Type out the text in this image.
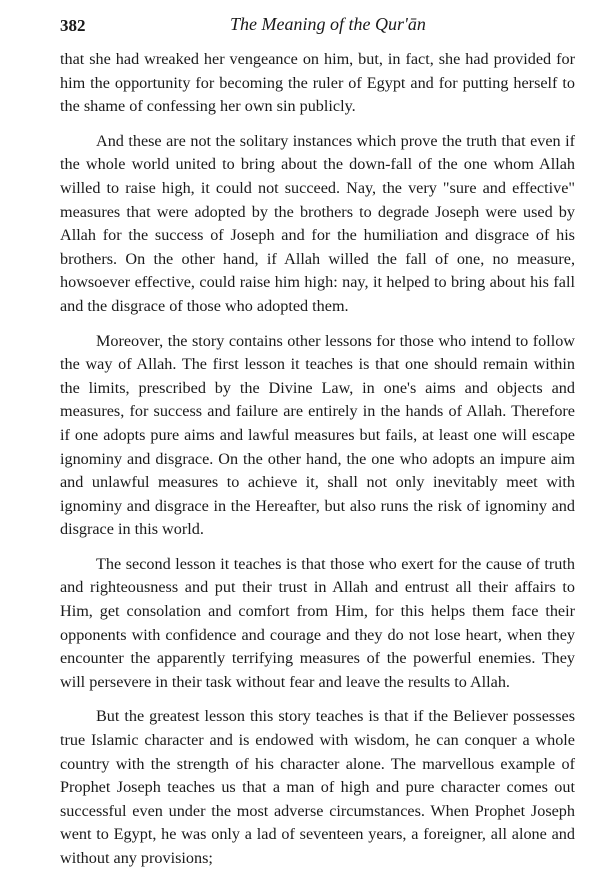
382	The Meaning of the Qur'ān

that she had wreaked her vengeance on him, but, in fact, she had provided for him the opportunity for becoming the ruler of Egypt and for putting herself to the shame of confessing her own sin publicly.

And these are not the solitary instances which prove the truth that even if the whole world united to bring about the down-fall of the one whom Allah willed to raise high, it could not succeed. Nay, the very "sure and effective" measures that were adopted by the brothers to degrade Joseph were used by Allah for the success of Joseph and for the humiliation and disgrace of his brothers. On the other hand, if Allah willed the fall of one, no measure, howsoever effective, could raise him high: nay, it helped to bring about his fall and the disgrace of those who adopted them.

Moreover, the story contains other lessons for those who intend to follow the way of Allah. The first lesson it teaches is that one should remain within the limits, prescribed by the Divine Law, in one's aims and objects and measures, for success and failure are entirely in the hands of Allah. Therefore if one adopts pure aims and lawful measures but fails, at least one will escape ignominy and disgrace. On the other hand, the one who adopts an impure aim and unlawful measures to achieve it, shall not only inevitably meet with ignominy and disgrace in the Hereafter, but also runs the risk of ignominy and disgrace in this world.

The second lesson it teaches is that those who exert for the cause of truth and righteousness and put their trust in Allah and entrust all their affairs to Him, get consolation and comfort from Him, for this helps them face their opponents with confidence and courage and they do not lose heart, when they encounter the apparently terrifying measures of the powerful enemies. They will persevere in their task without fear and leave the results to Allah.

But the greatest lesson this story teaches is that if the Believer possesses true Islamic character and is endowed with wisdom, he can conquer a whole country with the strength of his character alone. The marvellous example of Prophet Joseph teaches us that a man of high and pure character comes out successful even under the most adverse circumstances. When Prophet Joseph went to Egypt, he was only a lad of seventeen years, a foreigner, all alone and without any provisions;
